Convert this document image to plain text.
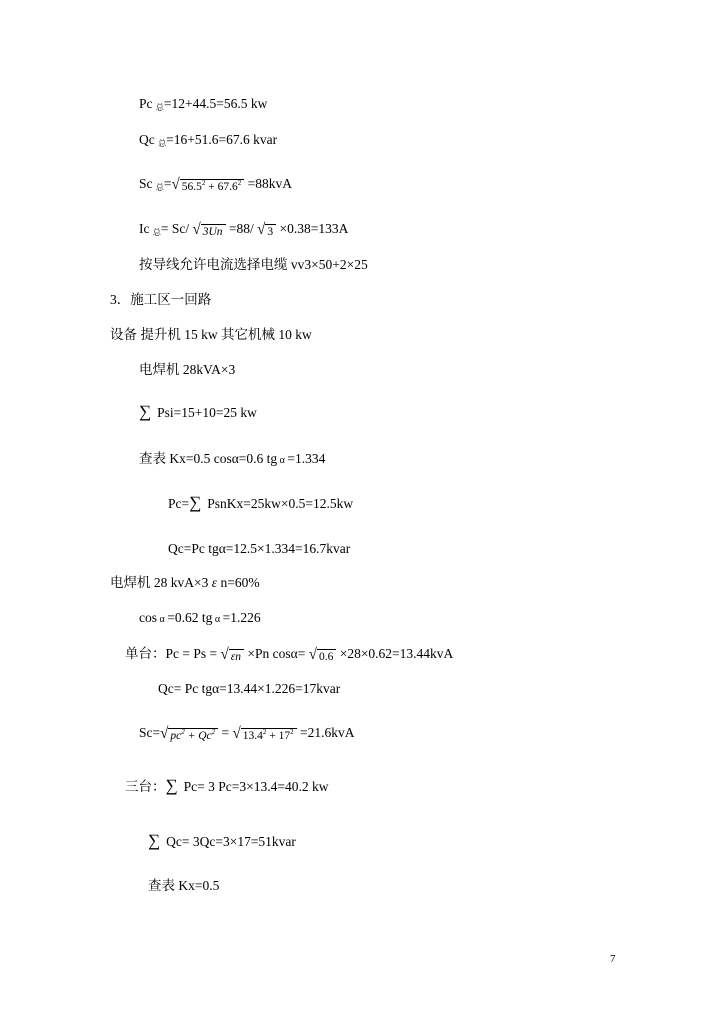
Pc 总=12+44.5=56.5 kw
Qc 总=16+51.6=67.6 kvar
Sc 总=√ $56.5^2 + 67.6^2 =88kvA$
Ic 总= Sc/ √ 3Un =88/ √ 3 ×0.38=133A
按导线允许电流选择电缆 vv3×50+2×25
3．施工区一回路
设备 提升机 15 kw 其它机械 10 kw
电焊机 28kVA×3
∑ Psi=15+10=25 kw
查表 Kx=0.5 cosα=0.6 tg α =1.334
Pc=∑ PsnKx=25kw×0.5=12.5kw
Qc=Pc tgα=12.5×1.334=16.7kvar
电焊机 28 kvA×3 ε n=60%
cos α =0.62 tg α =1.226
单台：Pc = Ps = √ εn ×Pn cosα= √ 0.6 ×28×0.62=13.44kvA
Qc= Pc tgα=13.44×1.226=17kvar
Sc=√ $pc^2 + Qc^2$ = √ $13.4^2 + 17^2 =21.6kvA$
三台：∑ Pc= 3 Pc=3×13.4=40.2 kw
∑ Qc= 3Qc=3×17=51kvar
查表 Kx=0.5
7
